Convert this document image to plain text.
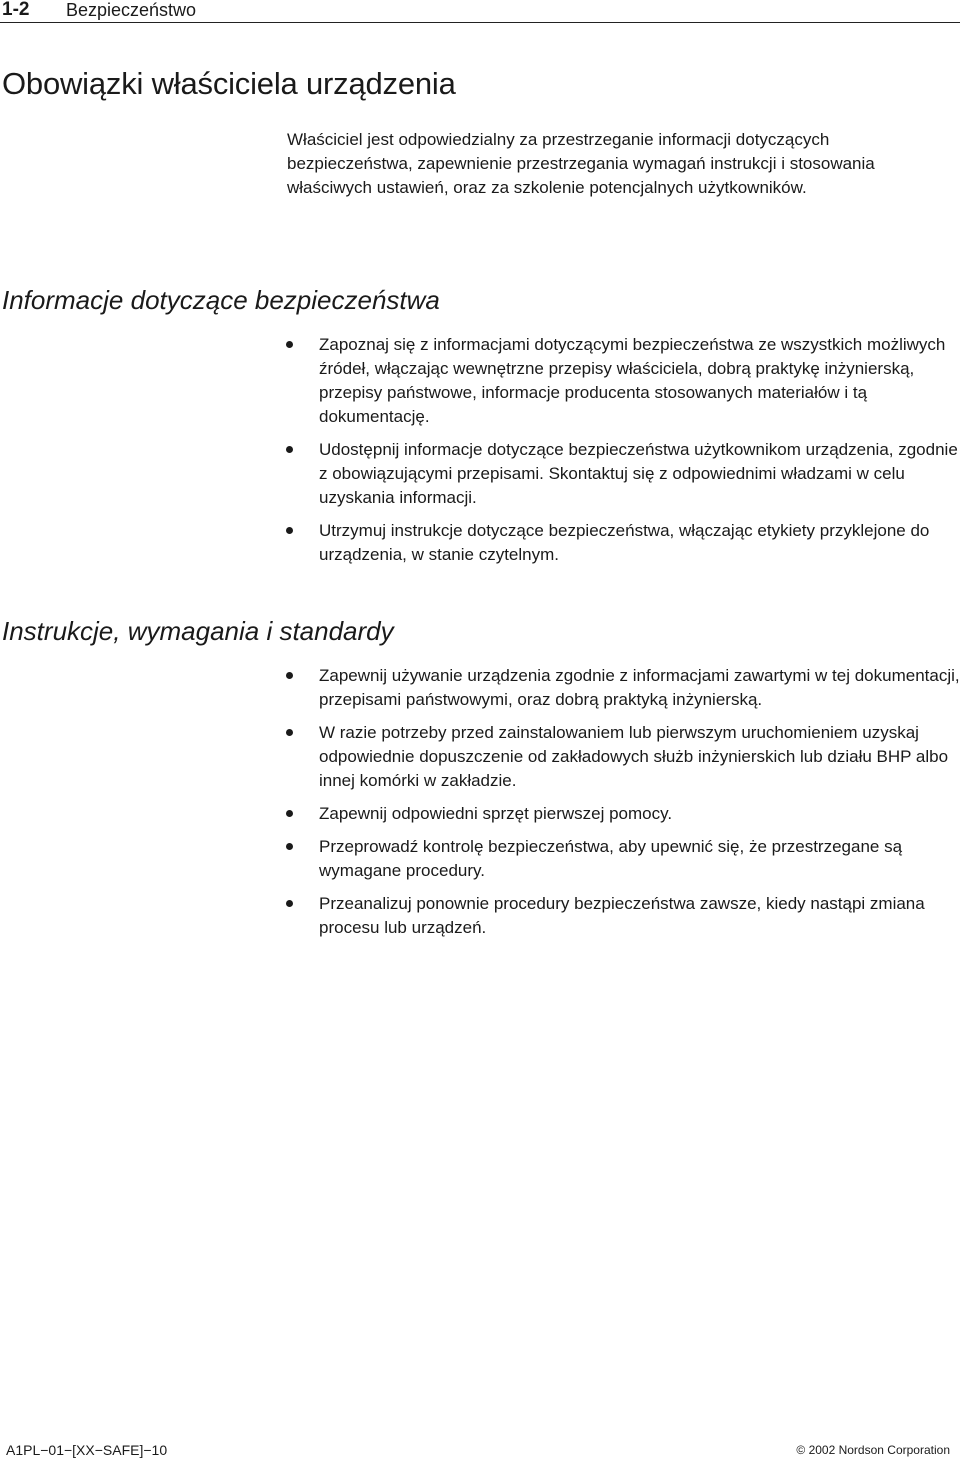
1-2 Bezpieczeństwo
Obowiązki właściciela urządzenia

Właściciel jest odpowiedzialny za przestrzeganie informacji dotyczących bezpieczeństwa, zapewnienie przestrzegania wymagań instrukcji i stosowania właściwych ustawień, oraz za szkolenie potencjalnych użytkowników.

Informacje dotyczące bezpieczeństwa
Zapoznaj się z informacjami dotyczącymi bezpieczeństwa ze wszystkich możliwych źródeł, włączając wewnętrzne przepisy właściciela, dobrą praktykę inżynierską, przepisy państwowe, informacje producenta stosowanych materiałów i tą dokumentację.
Udostępnij informacje dotyczące bezpieczeństwa użytkownikom urządzenia, zgodnie z obowiązującymi przepisami. Skontaktuj się z odpowiednimi władzami w celu uzyskania informacji.
Utrzymuj instrukcje dotyczące bezpieczeństwa, włączając etykiety przyklejone do urządzenia, w stanie czytelnym.
Instrukcje, wymagania i standardy
Zapewnij używanie urządzenia zgodnie z informacjami zawartymi w tej dokumentacji, przepisami państwowymi, oraz dobrą praktyką inżynierską.
W razie potrzeby przed zainstalowaniem lub pierwszym uruchomieniem uzyskaj odpowiednie dopuszczenie od zakładowych służb inżynierskich lub działu BHP albo innej komórki w zakładzie.
Zapewnij odpowiedni sprzęt pierwszej pomocy.
Przeprowadź kontrolę bezpieczeństwa, aby upewnić się, że przestrzegane są wymagane procedury.
Przeanalizuj ponownie procedury bezpieczeństwa zawsze, kiedy nastąpi zmiana procesu lub urządzeń.
A1PL−01−[XX−SAFE]−10	© 2002 Nordson Corporation
